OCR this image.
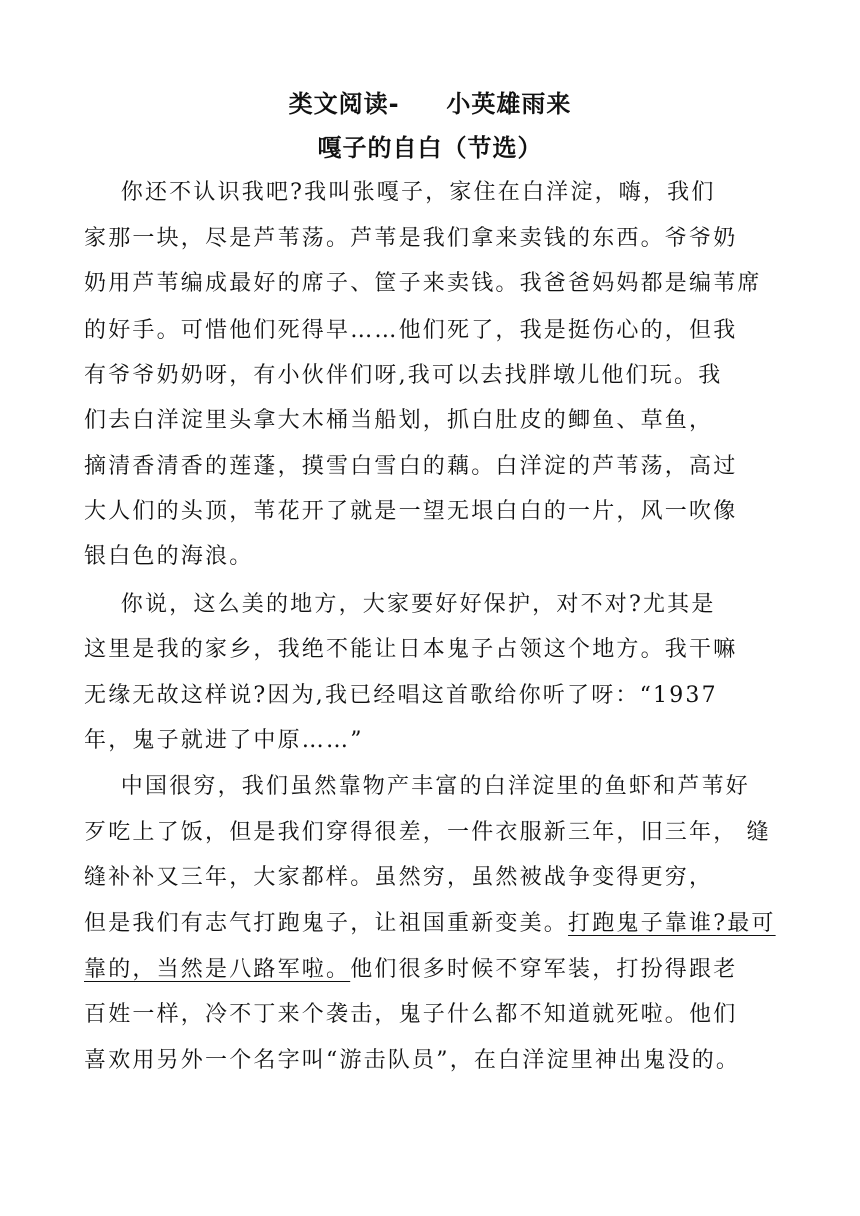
类文阅读-     小英雄雨来
嘎子的自白（节选）
你还不认识我吧?我叫张嘎子，家住在白洋淀，嗨，我们
家那一块，尽是芦苇荡。芦苇是我们拿来卖钱的东西。爷爷奶
奶用芦苇编成最好的席子、筐子来卖钱。我爸爸妈妈都是编苇席
的好手。可惜他们死得早……他们死了，我是挺伤心的，但我
有爷爷奶奶呀，有小伙伴们呀,我可以去找胖墩儿他们玩。我
们去白洋淀里头拿大木桶当船划，抓白肚皮的鲫鱼、草鱼，
摘清香清香的莲蓬，摸雪白雪白的藕。白洋淀的芦苇荡，高过
大人们的头顶，苇花开了就是一望无垠白白的一片，风一吹像
银白色的海浪。
你说，这么美的地方，大家要好好保护，对不对?尤其是
这里是我的家乡，我绝不能让日本鬼子占领这个地方。我干嘛
无缘无故这样说?因为,我已经唱这首歌给你听了呀：“1937
年，鬼子就进了中原……”
中国很穷，我们虽然靠物产丰富的白洋淀里的鱼虾和芦苇好
歹吃上了饭，但是我们穿得很差，一件衣服新三年，旧三年， 缝
缝补补又三年，大家都样。虽然穷，虽然被战争变得更穷，
但是我们有志气打跑鬼子，让祖国重新变美。打跑鬼子靠谁?最可
靠的，当然是八路军啦。他们很多时候不穿军装，打扮得跟老
百姓一样，冷不丁来个袭击，鬼子什么都不知道就死啦。他们
喜欢用另外一个名字叫“游击队员”，在白洋淀里神出鬼没的。
